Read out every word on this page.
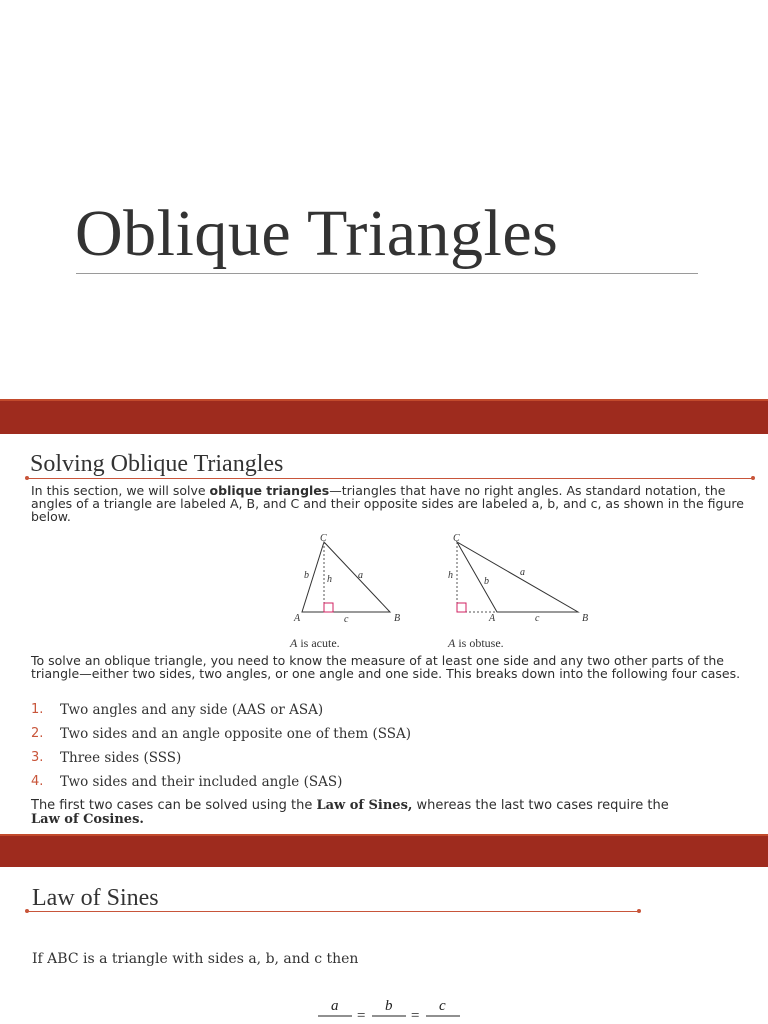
Oblique Triangles
Solving Oblique Triangles

In this section, we will solve oblique triangles—triangles that have no right angles. As standard notation, the angles of a triangle are labeled A, B, and C and their opposite sides are labeled a, b, and c, as shown in the figure below.

C
A	B
a
b h
c
A is acute.
C
A	B
a
b
h
c
A is obtuse.

To solve an oblique triangle, you need to know the measure of at least one side and any two other parts of the triangle—either two sides, two angles, or one angle and one side. This breaks down into the following four cases.

1.	Two angles and any side (AAS or ASA)
2.	Two sides and an angle opposite one of them (SSA)
3.	Three sides (SSS)
4.	Two sides and their included angle (SAS)

The first two cases can be solved using the Law of Sines, whereas the last two cases require the
Law of Cosines.

Law of Sines

If ABC is a triangle with sides a, b, and c then

a
=
b
=
c
